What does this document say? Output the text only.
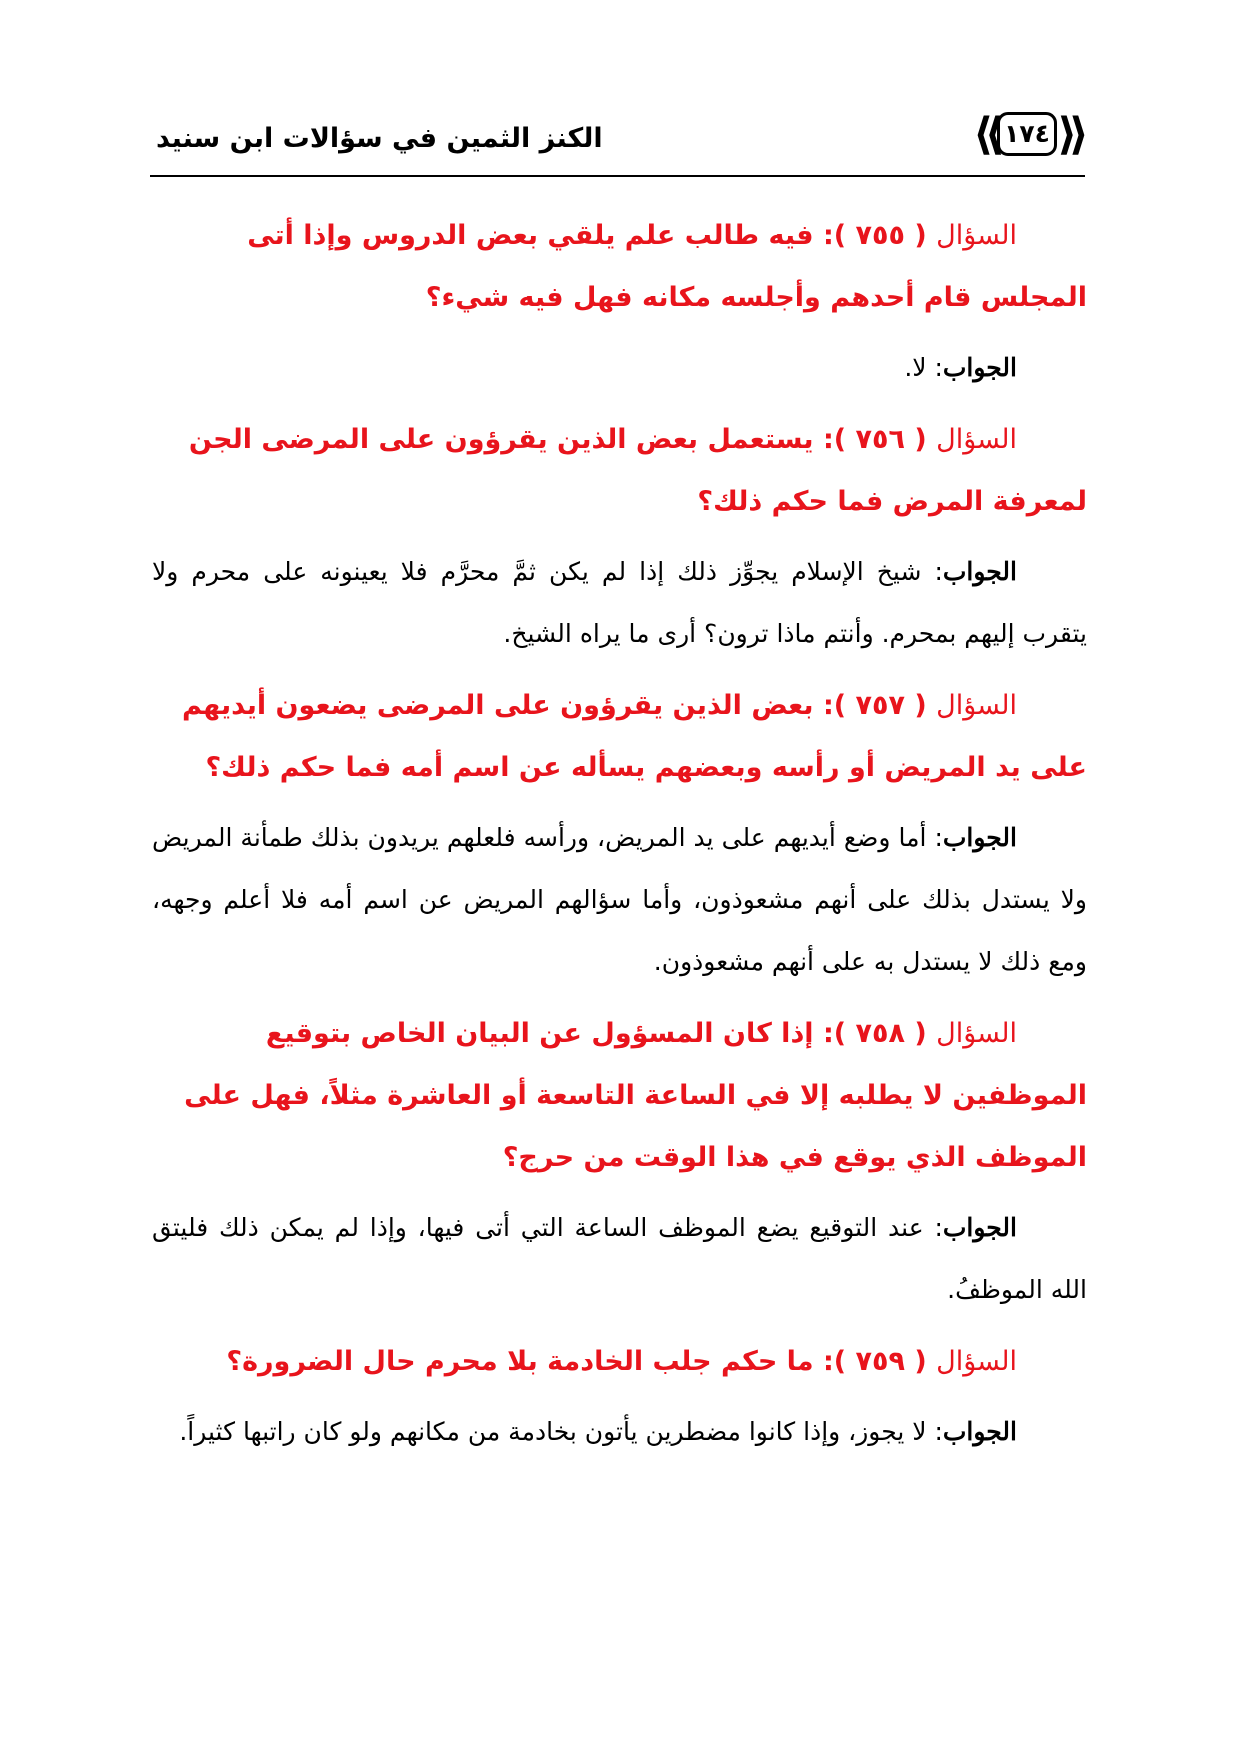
⟪ ١٧٤ ⟫
الكنز الثمين في سؤالات ابن سنيد

السؤال ( ٧٥٥ ): فيه طالب علم يلقي بعض الدروس وإذا أتى المجلس قام أحدهم وأجلسه مكانه فهل فيه شيء؟

الجواب: لا.

السؤال ( ٧٥٦ ): يستعمل بعض الذين يقرؤون على المرضى الجن لمعرفة المرض فما حكم ذلك؟

الجواب: شيخ الإسلام يجوِّز ذلك إذا لم يكن ثمَّ محرَّم فلا يعينونه على محرم ولا يتقرب إليهم بمحرم. وأنتم ماذا ترون؟ أرى ما يراه الشيخ.

السؤال ( ٧٥٧ ): بعض الذين يقرؤون على المرضى يضعون أيديهم على يد المريض أو رأسه وبعضهم يسأله عن اسم أمه فما حكم ذلك؟

الجواب: أما وضع أيديهم على يد المريض، ورأسه فلعلهم يريدون بذلك طمأنة المريض ولا يستدل بذلك على أنهم مشعوذون، وأما سؤالهم المريض عن اسم أمه فلا أعلم وجهه، ومع ذلك لا يستدل به على أنهم مشعوذون.

السؤال ( ٧٥٨ ): إذا كان المسؤول عن البيان الخاص بتوقيع الموظفين لا يطلبه إلا في الساعة التاسعة أو العاشرة مثلاً، فهل على الموظف الذي يوقع في هذا الوقت من حرج؟

الجواب: عند التوقيع يضع الموظف الساعة التي أتى فيها، وإذا لم يمكن ذلك فليتق الله الموظفُ.

السؤال ( ٧٥٩ ): ما حكم جلب الخادمة بلا محرم حال الضرورة؟

الجواب: لا يجوز، وإذا كانوا مضطرين يأتون بخادمة من مكانهم ولو كان راتبها كثيراً.
